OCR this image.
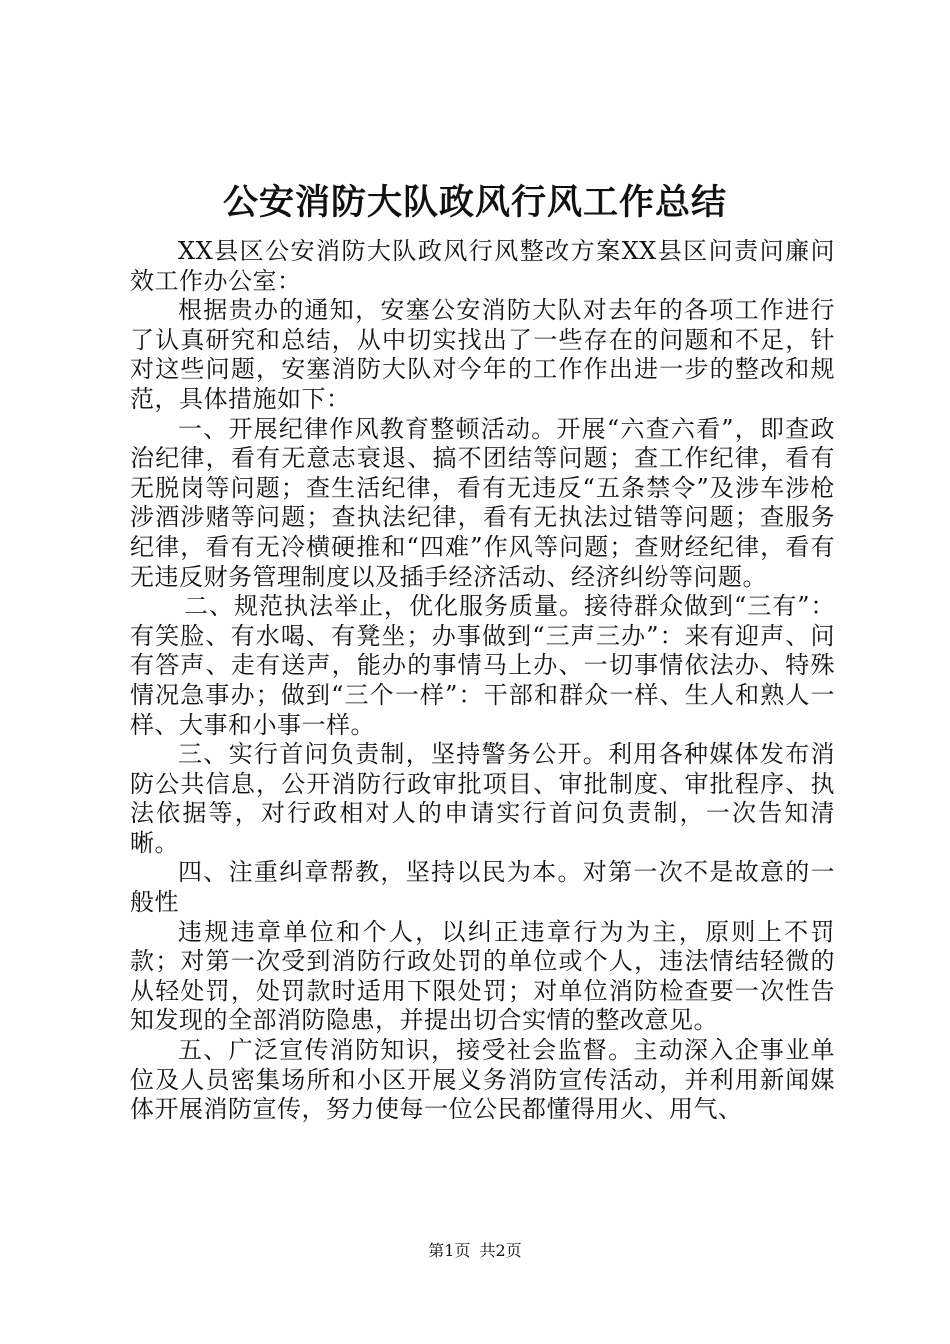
公安消防大队政风行风工作总结

XX县区公安消防大队政风行风整改方案XX县区问责问廉问效工作办公室：

根据贵办的通知，安塞公安消防大队对去年的各项工作进行了认真研究和总结，从中切实找出了一些存在的问题和不足，针对这些问题，安塞消防大队对今年的工作作出进一步的整改和规范，具体措施如下：

一、开展纪律作风教育整顿活动。开展“六查六看”，即查政治纪律，看有无意志衰退、搞不团结等问题；查工作纪律，看有无脱岗等问题；查生活纪律，看有无违反“五条禁令”及涉车涉枪涉酒涉赌等问题；查执法纪律，看有无执法过错等问题；查服务纪律，看有无冷横硬推和“四难”作风等问题；查财经纪律，看有无违反财务管理制度以及插手经济活动、经济纠纷等问题。

二、规范执法举止，优化服务质量。接待群众做到“三有”：有笑脸、有水喝、有凳坐；办事做到“三声三办”：来有迎声、问有答声、走有送声，能办的事情马上办、一切事情依法办、特殊情况急事办；做到“三个一样”：干部和群众一样、生人和熟人一样、大事和小事一样。

三、实行首问负责制，坚持警务公开。利用各种媒体发布消防公共信息，公开消防行政审批项目、审批制度、审批程序、执法依据等，对行政相对人的申请实行首问负责制，一次告知清晰。

四、注重纠章帮教，坚持以民为本。对第一次不是故意的一般性

违规违章单位和个人，以纠正违章行为为主，原则上不罚款；对第一次受到消防行政处罚的单位或个人，违法情结轻微的从轻处罚，处罚款时适用下限处罚；对单位消防检查要一次性告知发现的全部消防隐患，并提出切合实情的整改意见。

五、广泛宣传消防知识，接受社会监督。主动深入企事业单位及人员密集场所和小区开展义务消防宣传活动，并利用新闻媒体开展消防宣传，努力使每一位公民都懂得用火、用气、

第1页 共2页
